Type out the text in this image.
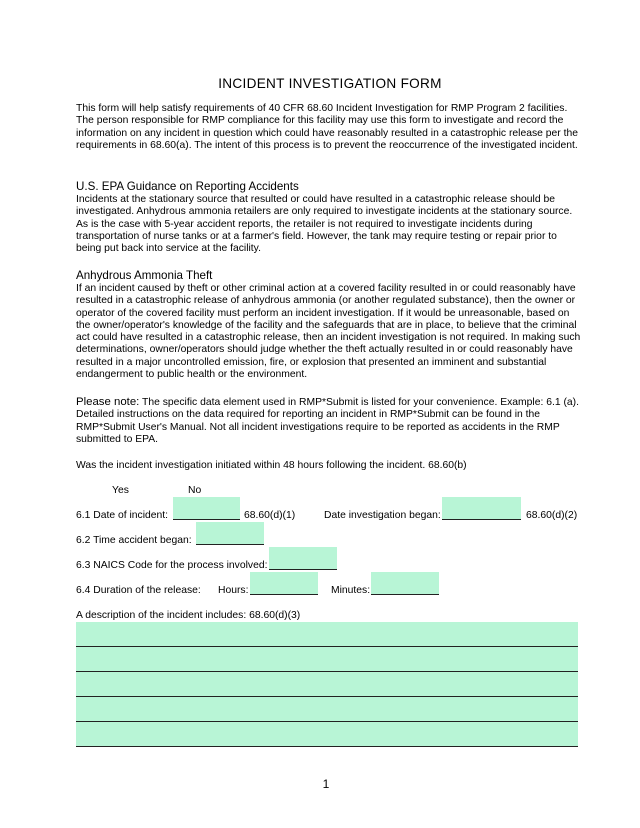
INCIDENT INVESTIGATION FORM

This form will help satisfy requirements of 40 CFR 68.60 Incident Investigation for RMP Program 2 facilities. The person responsible for RMP compliance for this facility may use this form to investigate and record the information on any incident in question which could have reasonably resulted in a catastrophic release per the requirements in 68.60(a). The intent of this process is to prevent the reoccurrence of the investigated incident.

U.S. EPA Guidance on Reporting Accidents

Incidents at the stationary source that resulted or could have resulted in a catastrophic release should be investigated. Anhydrous ammonia retailers are only required to investigate incidents at the stationary source. As is the case with 5-year accident reports, the retailer is not required to investigate incidents during transportation of nurse tanks or at a farmer's field. However, the tank may require testing or repair prior to being put back into service at the facility.

Anhydrous Ammonia Theft

If an incident caused by theft or other criminal action at a covered facility resulted in or could reasonably have resulted in a catastrophic release of anhydrous ammonia (or another regulated substance), then the owner or operator of the covered facility must perform an incident investigation. If it would be unreasonable, based on the owner/operator's knowledge of the facility and the safeguards that are in place, to believe that the criminal act could have resulted in a catastrophic release, then an incident investigation is not required. In making such determinations, owner/operators should judge whether the theft actually resulted in or could reasonably have resulted in a major uncontrolled emission, fire, or explosion that presented an imminent and substantial endangerment to public health or the environment.

Please note: The specific data element used in RMP*Submit is listed for your convenience. Example: 6.1 (a). Detailed instructions on the data required for reporting an incident in RMP*Submit can be found in the RMP*Submit User's Manual. Not all incident investigations require to be reported as accidents in the RMP submitted to EPA.

Was the incident investigation initiated within 48 hours following the incident. 68.60(b)
Yes	No
6.1 Date of incident:	68.60(d)(1)	Date investigation began:	68.60(d)(2)
6.2 Time accident began:
6.3 NAICS Code for the process involved:
6.4 Duration of the release: Hours:	Minutes:
A description of the incident includes: 68.60(d)(3)
1
